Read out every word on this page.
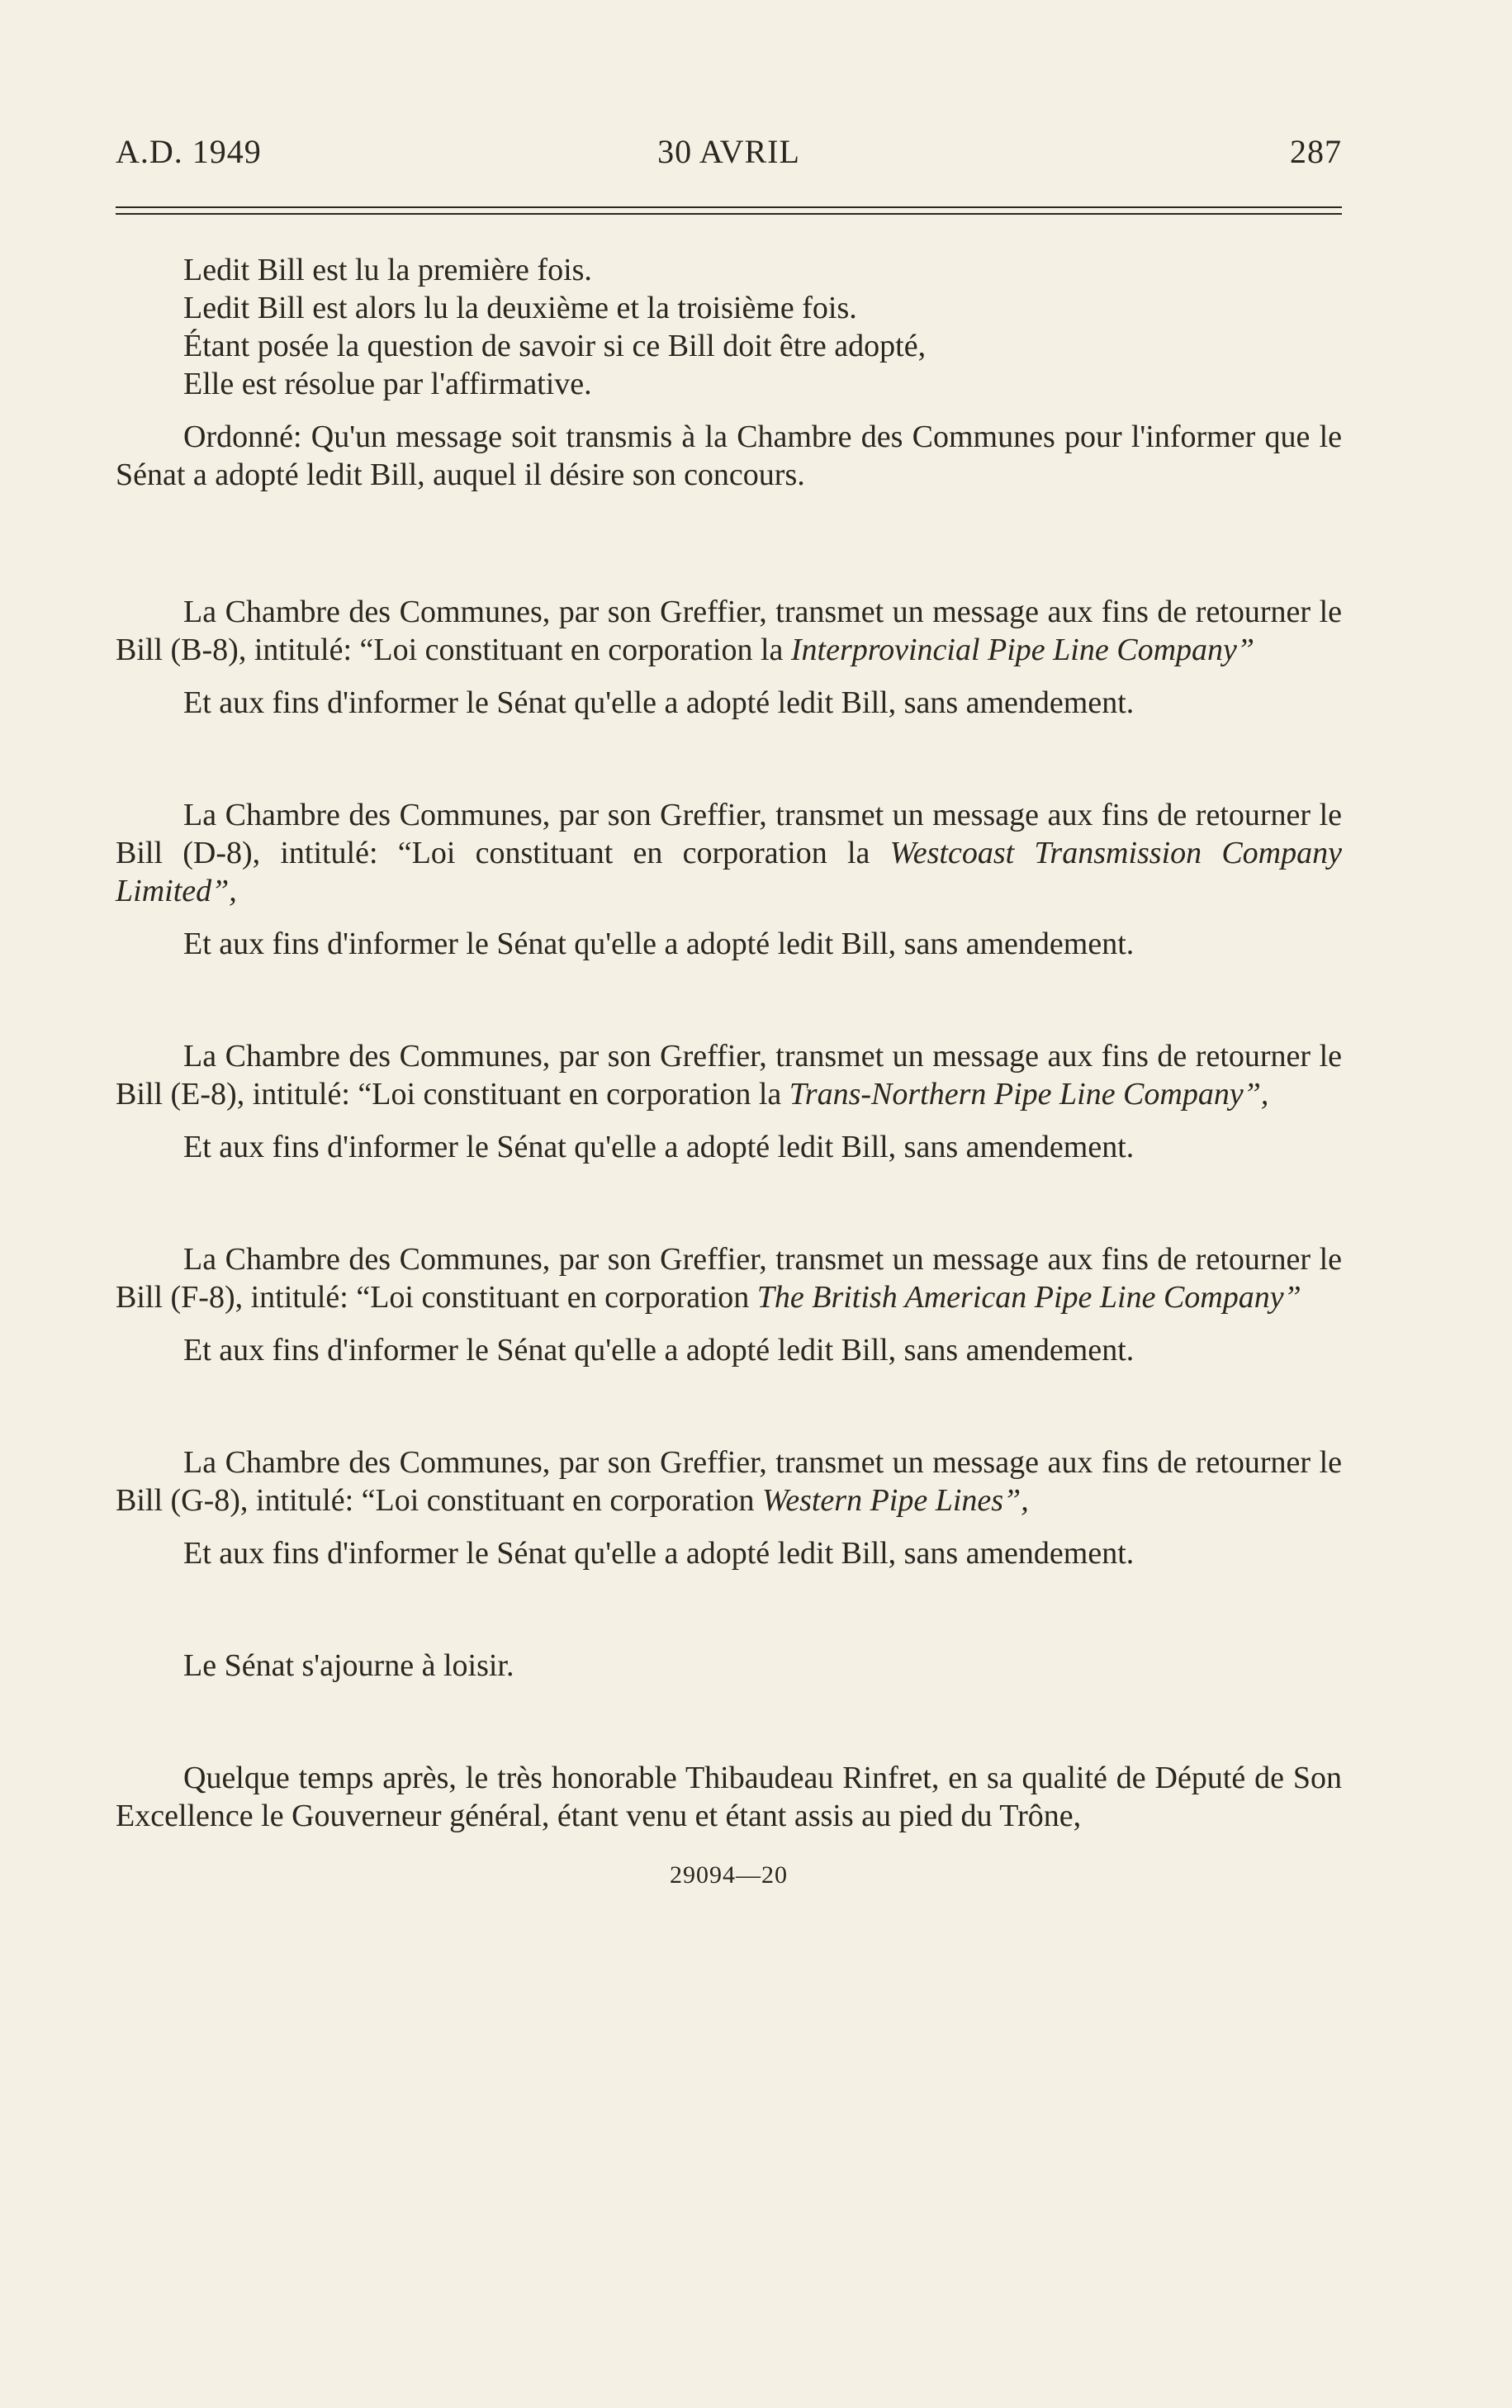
A.D. 1949	30 AVRIL	287

Ledit Bill est lu la première fois.

Ledit Bill est alors lu la deuxième et la troisième fois.

Étant posée la question de savoir si ce Bill doit être adopté,

Elle est résolue par l'affirmative.

Ordonné: Qu'un message soit transmis à la Chambre des Communes pour l'informer que le Sénat a adopté ledit Bill, auquel il désire son concours.

La Chambre des Communes, par son Greffier, transmet un message aux fins de retourner le Bill (B-8), intitulé: “Loi constituant en corporation la Interprovincial Pipe Line Company”

Et aux fins d'informer le Sénat qu'elle a adopté ledit Bill, sans amendement.

La Chambre des Communes, par son Greffier, transmet un message aux fins de retourner le Bill (D-8), intitulé: “Loi constituant en corporation la Westcoast Transmission Company Limited”,

Et aux fins d'informer le Sénat qu'elle a adopté ledit Bill, sans amendement.

La Chambre des Communes, par son Greffier, transmet un message aux fins de retourner le Bill (E-8), intitulé: “Loi constituant en corporation la Trans-Northern Pipe Line Company”,

Et aux fins d'informer le Sénat qu'elle a adopté ledit Bill, sans amendement.

La Chambre des Communes, par son Greffier, transmet un message aux fins de retourner le Bill (F-8), intitulé: “Loi constituant en corporation The British American Pipe Line Company”

Et aux fins d'informer le Sénat qu'elle a adopté ledit Bill, sans amendement.

La Chambre des Communes, par son Greffier, transmet un message aux fins de retourner le Bill (G-8), intitulé: “Loi constituant en corporation Western Pipe Lines”,

Et aux fins d'informer le Sénat qu'elle a adopté ledit Bill, sans amendement.

Le Sénat s'ajourne à loisir.

Quelque temps après, le très honorable Thibaudeau Rinfret, en sa qualité de Député de Son Excellence le Gouverneur général, étant venu et étant assis au pied du Trône,

29094—20
